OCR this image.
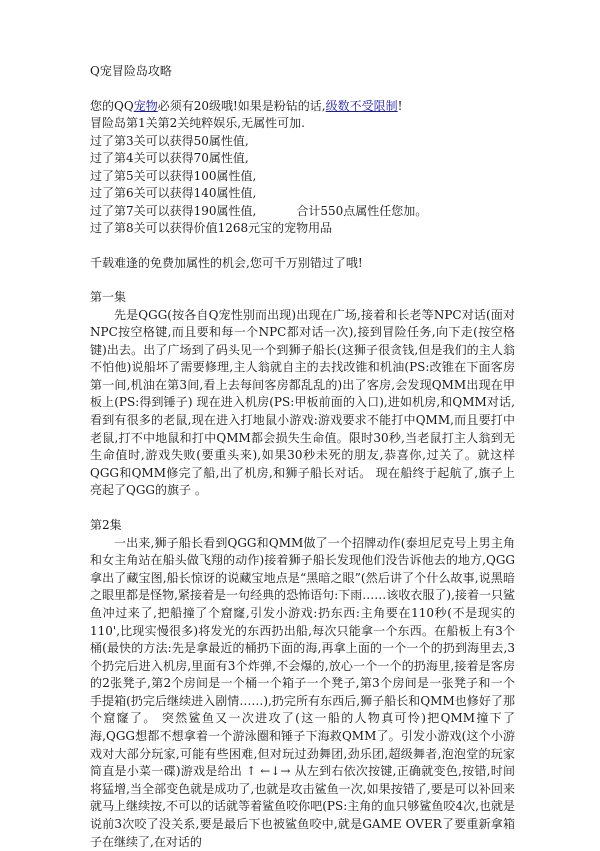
Q宠冒险岛攻略
您的QQ宠物必须有20级哦!如果是粉钻的话,级数不受限制!
冒险岛第1关第2关纯粹娱乐,无属性可加.
过了第3关可以获得50属性值,
过了第4关可以获得70属性值,
过了第5关可以获得100属性值,
过了第6关可以获得140属性值,
过了第7关可以获得190属性值,	合计550点属性任您加。
过了第8关可以获得价值1268元宝的宠物用品
千载难逢的免费加属性的机会,您可千万别错过了哦!
第一集
先是QGG(按各自Q宠性别而出现)出现在广场,接着和长老等NPC对话(面对NPC按空格键,而且要和每一个NPC都对话一次),接到冒险任务,向下走(按空格键)出去。出了广场到了码头见一个到狮子船长(这狮子很贪钱,但是我们的主人翁不怕他)说船坏了需要修理,主人翁就自主的去找改锥和机油(PS:改锥在下面客房第一间,机油在第3间,看上去每间客房都乱乱的)出了客房,会发现QMM出现在甲板上(PS:得到锤子) 现在进入机房(PS:甲板前面的入口),进如机房,和QMM对话,看到有很多的老鼠,现在进入打地鼠小游戏:游戏要求不能打中QMM,而且要打中老鼠,打不中地鼠和打中QMM都会损失生命值。限时30秒,当老鼠打主人翁到无生命值时,游戏失败(要重头来),如果30秒未死的朋友,恭喜你,过关了。就这样QGG和QMM修完了船,出了机房,和狮子船长对话。 现在船终于起航了,旗子上亮起了QGG的旗子 。
第2集
一出来,狮子船长看到QGG和QMM做了一个招牌动作(泰坦尼克号上男主角和女主角站在船头做飞翔的动作)接着狮子船长发现他们没告诉他去的地方,QGG拿出了藏宝图,船长惊讶的说藏宝地点是“黑暗之眼”(然后讲了个什么故事,说黑暗之眼里都是怪物,紧接着是一句经典的恐怖语句:下雨……该收衣服了),接着一只鲨鱼冲过来了,把船撞了个窟窿,引发小游戏:扔东西:主角要在110秒(不是现实的110',比现实慢很多)将发光的东西扔出船,每次只能拿一个东西。在船板上有3个桶(最快的方法:先是拿最近的桶扔下面的海,再拿上面的一个一个的扔到海里去,3个扔完后进入机房,里面有3个炸弹,不会爆的,放心一个一个的扔海里,接着是客房的2张凳子,第2个房间是一个桶一个箱子一个凳子,第3个房间是一张凳子和一个手提箱(扔完后继续进入剧情……),扔完所有东西后,狮子船长和QMM也修好了那个窟窿了。 突然鲨鱼又一次进攻了(这一船的人物真可怜)把QMM撞下了海,QGG想都不想拿着一个游泳圈和锤子下海救QMM了。引发小游戏(这个小游戏对大部分玩家,可能有些困难,但对玩过劲舞团,劲乐团,超级舞者,泡泡堂的玩家简直是小菜一碟)游戏是给出 ↑ ←↓→ 从左到右依次按键,正确就变色,按错,时间将猛增,当全部变色就是成功了,也就是攻击鲨鱼一次,如果按错了,要是可以补回来就马上继续按,不可以的话就等着鲨鱼咬你吧(PS:主角的血只够鲨鱼咬4次,也就是说前3次咬了没关系,要是最后下也被鲨鱼咬中,就是GAME OVER了要重新拿箱子在继续了,在对话的
